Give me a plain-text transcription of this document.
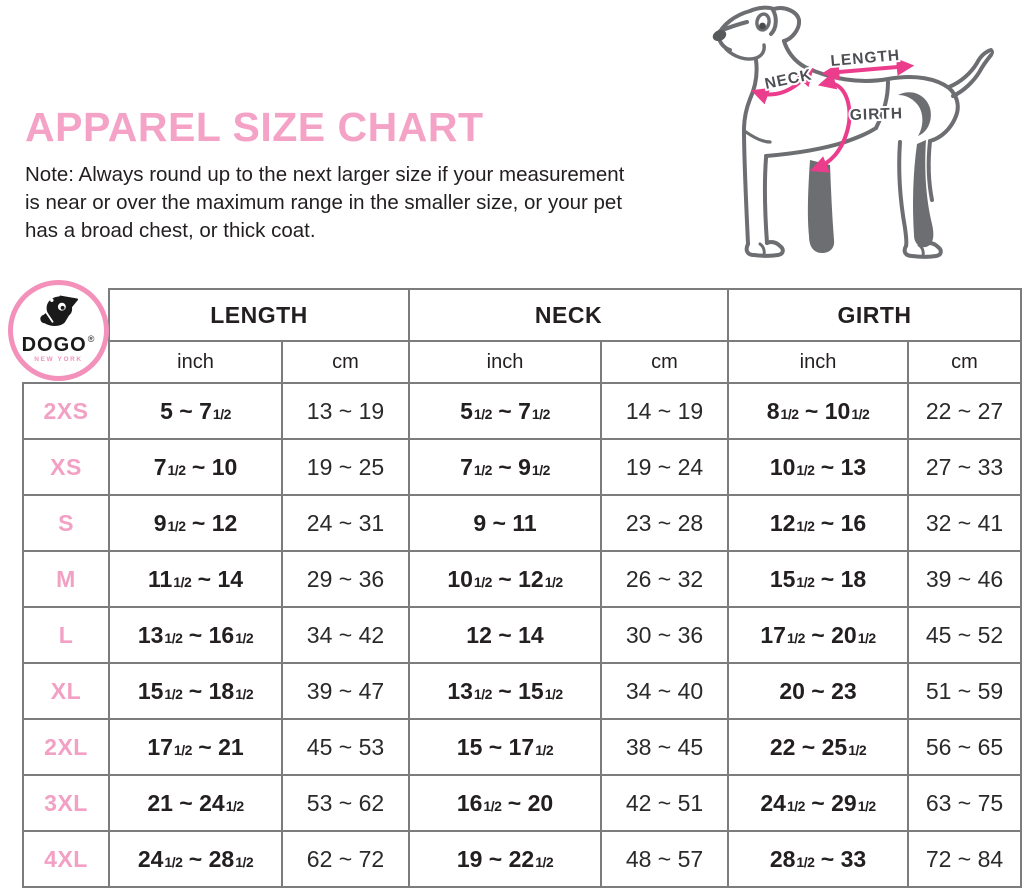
APPAREL SIZE CHART
Note: Always round up to the next larger size if your measurement
is near or over the maximum range in the smaller size, or your pet
has a broad chest, or thick coat.
NECK
LENGTH
GIRTH
	LENGTH		NECK		GIRTH	
	inch	cm	inch	cm	inch	cm
2XS	5 ~ 71/2	13 ~ 19	51/2 ~ 71/2	14 ~ 19	81/2 ~ 101/2	22 ~ 27
XS	71/2 ~ 10	19 ~ 25	71/2 ~ 91/2	19 ~ 24	101/2 ~ 13	27 ~ 33
S	91/2 ~ 12	24 ~ 31	9 ~ 11	23 ~ 28	121/2 ~ 16	32 ~ 41
M	111/2 ~ 14	29 ~ 36	101/2 ~ 121/2	26 ~ 32	151/2 ~ 18	39 ~ 46
L	131/2 ~ 161/2	34 ~ 42	12 ~ 14	30 ~ 36	171/2 ~ 201/2	45 ~ 52
XL	151/2 ~ 181/2	39 ~ 47	131/2 ~ 151/2	34 ~ 40	20 ~ 23	51 ~ 59
2XL	171/2 ~ 21	45 ~ 53	15 ~ 171/2	38 ~ 45	22 ~ 251/2	56 ~ 65
3XL	21 ~ 241/2	53 ~ 62	161/2 ~ 20	42 ~ 51	241/2 ~ 291/2	63 ~ 75
4XL	241/2 ~ 281/2	62 ~ 72	19 ~ 221/2	48 ~ 57	281/2 ~ 33	72 ~ 84
DOGO®
NEW YORK
